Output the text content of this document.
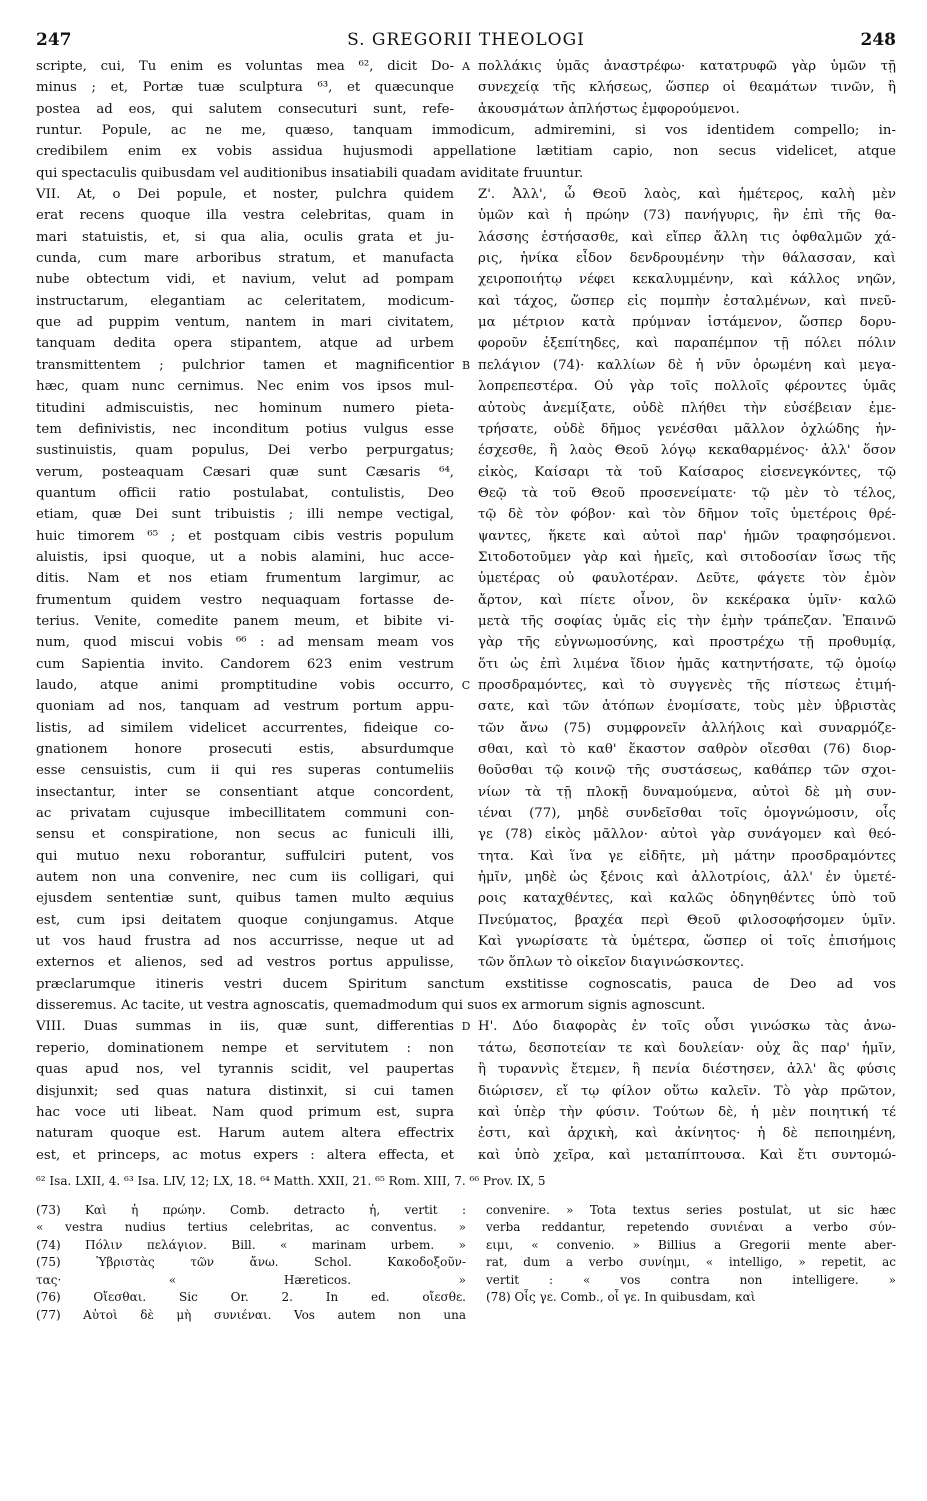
247	S. GREGORII THEOLOGI	248
scripte, cui, Tu enim es voluntas mea ⁶², dicit Do-
minus ; et, Portæ tuæ sculptura ⁶³, et quæcunque
postea ad eos, qui salutem consecuturi sunt, refe-
A πολλάκις ὑμᾶς ἀναστρέφω· κατατρυφῶ γὰρ ὑμῶν τῇ
συνεχείᾳ τῆς κλήσεως, ὥσπερ οἱ θεαμάτων τινῶν, ἢ
ἀκουσμάτων ἀπλήστως ἐμφορούμενοι.
runtur. Popule, ac ne me, quæso, tanquam immodicum, admiremini, si vos identidem compello; in-
credibilem enim ex vobis assidua hujusmodi appellatione lætitiam capio, non secus videlicet, atque
qui spectaculis quibusdam vel auditionibus insatiabili quadam aviditate fruuntur.
VII. At, o Dei popule, et noster, pulchra quidem
erat recens quoque illa vestra celebritas, quam in
mari statuistis, et, si qua alia, oculis grata et ju-
cunda, cum mare arboribus stratum, et manufacta
nube obtectum vidi, et navium, velut ad pompam
instructarum, elegantiam ac celeritatem, modicum-
que ad puppim ventum, nantem in mari civitatem,
tanquam dedita opera stipantem, atque ad urbem
transmittentem ; pulchrior tamen et magnificentior
hæc, quam nunc cernimus. Nec enim vos ipsos mul-
titudini admiscuistis, nec hominum numero pieta-
tem definivistis, nec inconditum potius vulgus esse
sustinuistis, quam populus, Dei verbo perpurgatus;
verum, posteaquam Cæsari quæ sunt Cæsaris ⁶⁴,
quantum officii ratio postulabat, contulistis, Deo
etiam, quæ Dei sunt tribuistis ; illi nempe vectigal,
huic timorem ⁶⁵ ; et postquam cibis vestris populum
aluistis, ipsi quoque, ut a nobis alamini, huc acce-
ditis. Nam et nos etiam frumentum largimur, ac
frumentum quidem vestro nequaquam fortasse de-
terius. Venite, comedite panem meum, et bibite vi-
num, quod miscui vobis ⁶⁶ : ad mensam meam vos
cum Sapientia invito. Candorem 623 enim vestrum
laudo, atque animi promptitudine vobis occurro,
quoniam ad nos, tanquam ad vestrum portum appu-
listis, ad similem videlicet accurrentes, fideique co-
gnationem honore prosecuti estis, absurdumque
esse censuistis, cum ii qui res superas contumeliis
insectantur, inter se consentiant atque concordent,
ac privatam cujusque imbecillitatem communi con-
sensu et conspiratione, non secus ac funiculi illi,
qui mutuo nexu roborantur, suffulciri putent, vos
autem non una convenire, nec cum iis colligari, qui
ejusdem sententiæ sunt, quibus tamen multo æquius
est, cum ipsi deitatem quoque conjungamus. Atque
ut vos haud frustra ad nos accurrisse, neque ut ad
externos et alienos, sed ad vestros portus appulisse,
B
C
Ζ'. Ἀλλ', ὦ Θεοῦ λαὸς, καὶ ἡμέτερος, καλὴ μὲν
ὑμῶν καὶ ἡ πρώην (73) πανήγυρις, ἣν ἐπὶ τῆς θα-
λάσσης ἐστήσασθε, καὶ εἴπερ ἄλλη τις ὀφθαλμῶν χά-
ρις, ἡνίκα εἶδον δενδρουμένην τὴν θάλασσαν, καὶ
χειροποιήτῳ νέφει κεκαλυμμένην, καὶ κάλλος νηῶν,
καὶ τάχος, ὥσπερ εἰς πομπὴν ἐσταλμένων, καὶ πνεῦ-
μα μέτριον κατὰ πρύμναν ἱστάμενον, ὥσπερ δορυ-
φοροῦν ἐξεπίτηδες, καὶ παραπέμπον τῇ πόλει πόλιν
πελάγιον (74)· καλλίων δὲ ἡ νῦν ὁρωμένη καὶ μεγα-
λοπρεπεστέρα. Οὐ γὰρ τοῖς πολλοῖς φέροντες ὑμᾶς
αὐτοὺς ἀνεμίξατε, οὐδὲ πλήθει τὴν εὐσέβειαν ἐμε-
τρήσατε, οὐδὲ δῆμος γενέσθαι μᾶλλον ὀχλώδης ἠν-
έσχεσθε, ἢ λαὸς Θεοῦ λόγῳ κεκαθαρμένος· ἀλλ' ὅσον
εἰκὸς, Καίσαρι τὰ τοῦ Καίσαρος εἰσενεγκόντες, τῷ
Θεῷ τὰ τοῦ Θεοῦ προσενείματε· τῷ μὲν τὸ τέλος,
τῷ δὲ τὸν φόβον· καὶ τὸν δῆμον τοῖς ὑμετέροις θρέ-
ψαντες, ἥκετε καὶ αὐτοὶ παρ' ἡμῶν τραφησόμενοι.
Σιτοδοτοῦμεν γὰρ καὶ ἡμεῖς, καὶ σιτοδοσίαν ἴσως τῆς
ὑμετέρας οὐ φαυλοτέραν. Δεῦτε, φάγετε τὸν ἐμὸν
ἄρτον, καὶ πίετε οἶνον, ὃν κεκέρακα ὑμῖν· καλῶ
μετὰ τῆς σοφίας ὑμᾶς εἰς τὴν ἐμὴν τράπεζαν. Ἐπαινῶ
γὰρ τῆς εὐγνωμοσύνης, καὶ προστρέχω τῇ προθυμίᾳ,
ὅτι ὡς ἐπὶ λιμένα ἴδιον ἡμᾶς κατηντήσατε, τῷ ὁμοίῳ
προσδραμόντες, καὶ τὸ συγγενὲς τῆς πίστεως ἐτιμή-
σατε, καὶ τῶν ἀτόπων ἐνομίσατε, τοὺς μὲν ὑβριστὰς
τῶν ἄνω (75) συμφρονεῖν ἀλλήλοις καὶ συναρμόζε-
σθαι, καὶ τὸ καθ' ἕκαστον σαθρὸν οἴεσθαι (76) διορ-
θοῦσθαι τῷ κοινῷ τῆς συστάσεως, καθάπερ τῶν σχοι-
νίων τὰ τῇ πλοκῇ δυναμούμενα, αὐτοὶ δὲ μὴ συν-
ιέναι (77), μηδὲ συνδεῖσθαι τοῖς ὁμογνώμοσιν, οἷς
γε (78) εἰκὸς μᾶλλον· αὐτοὶ γὰρ συνάγομεν καὶ θεό-
τητα. Καὶ ἵνα γε εἰδῆτε, μὴ μάτην προσδραμόντες
ἡμῖν, μηδὲ ὡς ξένοις καὶ ἀλλοτρίοις, ἀλλ' ἐν ὑμετέ-
ροις καταχθέντες, καὶ καλῶς ὁδηγηθέντες ὑπὸ τοῦ
Πνεύματος, βραχέα περὶ Θεοῦ φιλοσοφήσομεν ὑμῖν.
Καὶ γνωρίσατε τὰ ὑμέτερα, ὥσπερ οἱ τοῖς ἐπισήμοις
τῶν ὅπλων τὸ οἰκεῖον διαγινώσκοντες.
præclarumque itineris vestri ducem Spiritum sanctum exstitisse cognoscatis, pauca de Deo ad vos
disseremus. Ac tacite, ut vestra agnoscatis, quemadmodum qui suos ex armorum signis agnoscunt.
VIII. Duas summas in iis, quæ sunt, differentias
reperio, dominationem nempe et servitutem : non
quas apud nos, vel tyrannis scidit, vel paupertas
disjunxit; sed quas natura distinxit, si cui tamen
hac voce uti libeat. Nam quod primum est, supra
naturam quoque est. Harum autem altera effectrix
est, et princeps, ac motus expers : altera effecta, et
D Η'. Δύο διαφορὰς ἐν τοῖς οὖσι γινώσκω τὰς ἀνω-
τάτω, δεσποτείαν τε καὶ δουλείαν· οὐχ ἃς παρ' ἡμῖν,
ἢ τυραννὶς ἔτεμεν, ἢ πενία διέστησεν, ἀλλ' ἃς φύσις
διώρισεν, εἴ τῳ φίλον οὕτω καλεῖν. Τὸ γὰρ πρῶτον,
καὶ ὑπὲρ τὴν φύσιν. Τούτων δὲ, ἡ μὲν ποιητική τέ
ἐστι, καὶ ἀρχικὴ, καὶ ἀκίνητος· ἡ δὲ πεποιημένη,
καὶ ὑπὸ χεῖρα, καὶ μεταπίπτουσα. Καὶ ἔτι συντομώ-
⁶² Isa. LXII, 4. ⁶³ Isa. LIV, 12; LX, 18. ⁶⁴ Matth. XXII, 21. ⁶⁵ Rom. XIII, 7. ⁶⁶ Prov. IX, 5
(73) Καὶ ἡ πρώην. Comb. detracto ἡ, vertit :
« vestra nudius tertius celebritas, ac conventus. »
(74) Πόλιν πελάγιον. Bill. « marinam urbem. »
(75) Ὑβριστὰς τῶν ἄνω. Schol. Κακοδοξοῦν-
τας· « Hæreticos. »
(76) Οἴεσθαι. Sic Or. 2. In ed. οἴεσθε.
(77) Αὐτοὶ δὲ μὴ συνιέναι. Vos autem non una
convenire. » Tota textus series postulat, ut sic hæc
verba reddantur, repetendo συνιέναι a verbo σύν-
ειμι, « convenio. » Billius a Gregorii mente aber-
rat, dum a verbo συνίημι, « intelligo, » repetit, ac
vertit : « vos contra non intelligere. »
(78) Οἷς γε. Comb., οἷ γε. In quibusdam, καὶ
